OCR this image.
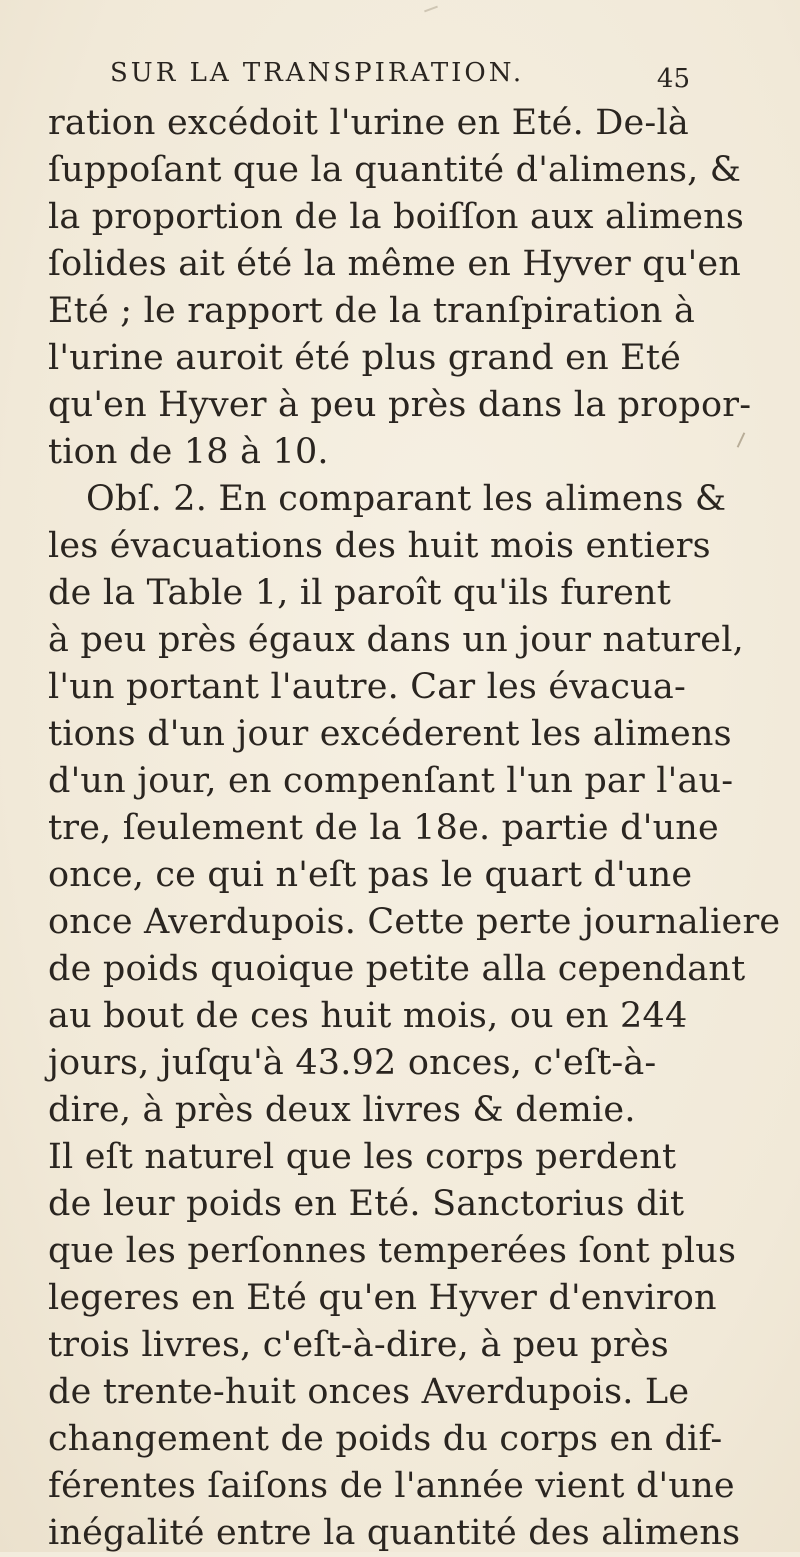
SUR LA TRANSPIRATION.	45
ration excédoit l'urine en Eté. De-là
ſuppoſant que la quantité d'alimens, &
la proportion de la boiſſon aux alimens
ſolides ait été la même en Hyver qu'en
Eté ; le rapport de la tranſpiration à
l'urine auroit été plus grand en Eté
qu'en Hyver à peu près dans la propor-
tion de 18 à 10.
Obſ. 2. En comparant les alimens &
les évacuations des huit mois entiers
de la Table 1, il paroît qu'ils furent
à peu près égaux dans un jour naturel,
l'un portant l'autre. Car les évacua-
tions d'un jour excéderent les alimens
d'un jour, en compenſant l'un par l'au-
tre, ſeulement de la 18e. partie d'une
once, ce qui n'eſt pas le quart d'une
once Averdupois. Cette perte journaliere
de poids quoique petite alla cependant
au bout de ces huit mois, ou en 244
jours, juſqu'à 43.92 onces, c'eſt-à-
dire, à près deux livres & demie.
Il eſt naturel que les corps perdent
de leur poids en Eté. Sanctorius dit
que les perſonnes temperées ſont plus
legeres en Eté qu'en Hyver d'environ
trois livres, c'eſt-à-dire, à peu près
de trente-huit onces Averdupois. Le
changement de poids du corps en dif-
férentes ſaiſons de l'année vient d'une
inégalité entre la quantité des alimens
